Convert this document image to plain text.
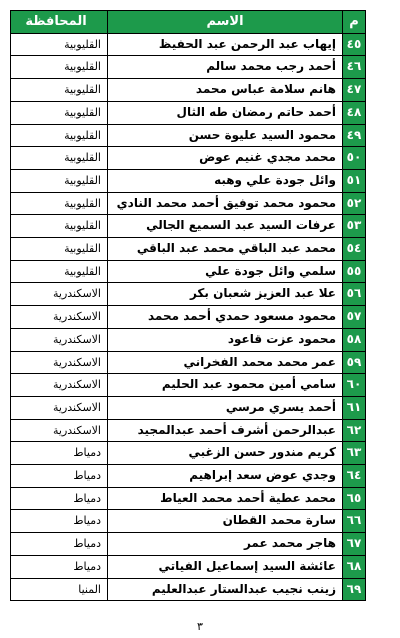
م	الاسم	المحافظة
٤٥	إيهاب عبد الرحمن عبد الحفيظ	القليوبية
٤٦	أحمد رجب محمد سالم	القليوبية
٤٧	هانم سلامة عباس محمد	القليوبية
٤٨	أحمد حاتم رمضان طه الثال	القليوبية
٤٩	محمود السيد عليوة حسن	القليوبية
٥٠	محمد مجدي غنيم عوض	القليوبية
٥١	وائل جودة علي وهبه	القليوبية
٥٢	محمود محمد توفيق أحمد محمد النادي	القليوبية
٥٣	عرفات السيد عبد السميع الجالي	القليوبية
٥٤	محمد عبد الباقي محمد عبد الباقي	القليوبية
٥٥	سلمي وائل جودة علي	القليوبية
٥٦	علا عبد العزيز شعبان بكر	الاسكندرية
٥٧	محمود مسعود حمدي أحمد محمد	الاسكندرية
٥٨	محمود عزت قاعود	الاسكندرية
٥٩	عمر محمد محمد الفخراني	الاسكندرية
٦٠	سامي أمين محمود عبد الحليم	الاسكندرية
٦١	أحمد يسري مرسي	الاسكندرية
٦٢	عبدالرحمن أشرف أحمد عبدالمجيد	الاسكندرية
٦٣	كريم مندور حسن الزغبي	دمياط
٦٤	وجدي عوض سعد إبراهيم	دمياط
٦٥	محمد عطية أحمد محمد العياط	دمياط
٦٦	سارة محمد القطان	دمياط
٦٧	هاجر محمد عمر	دمياط
٦٨	عائشة السيد إسماعيل الفياتي	دمياط
٦٩	زينب نجيب عبدالستار عبدالعليم	المنيا
٣
